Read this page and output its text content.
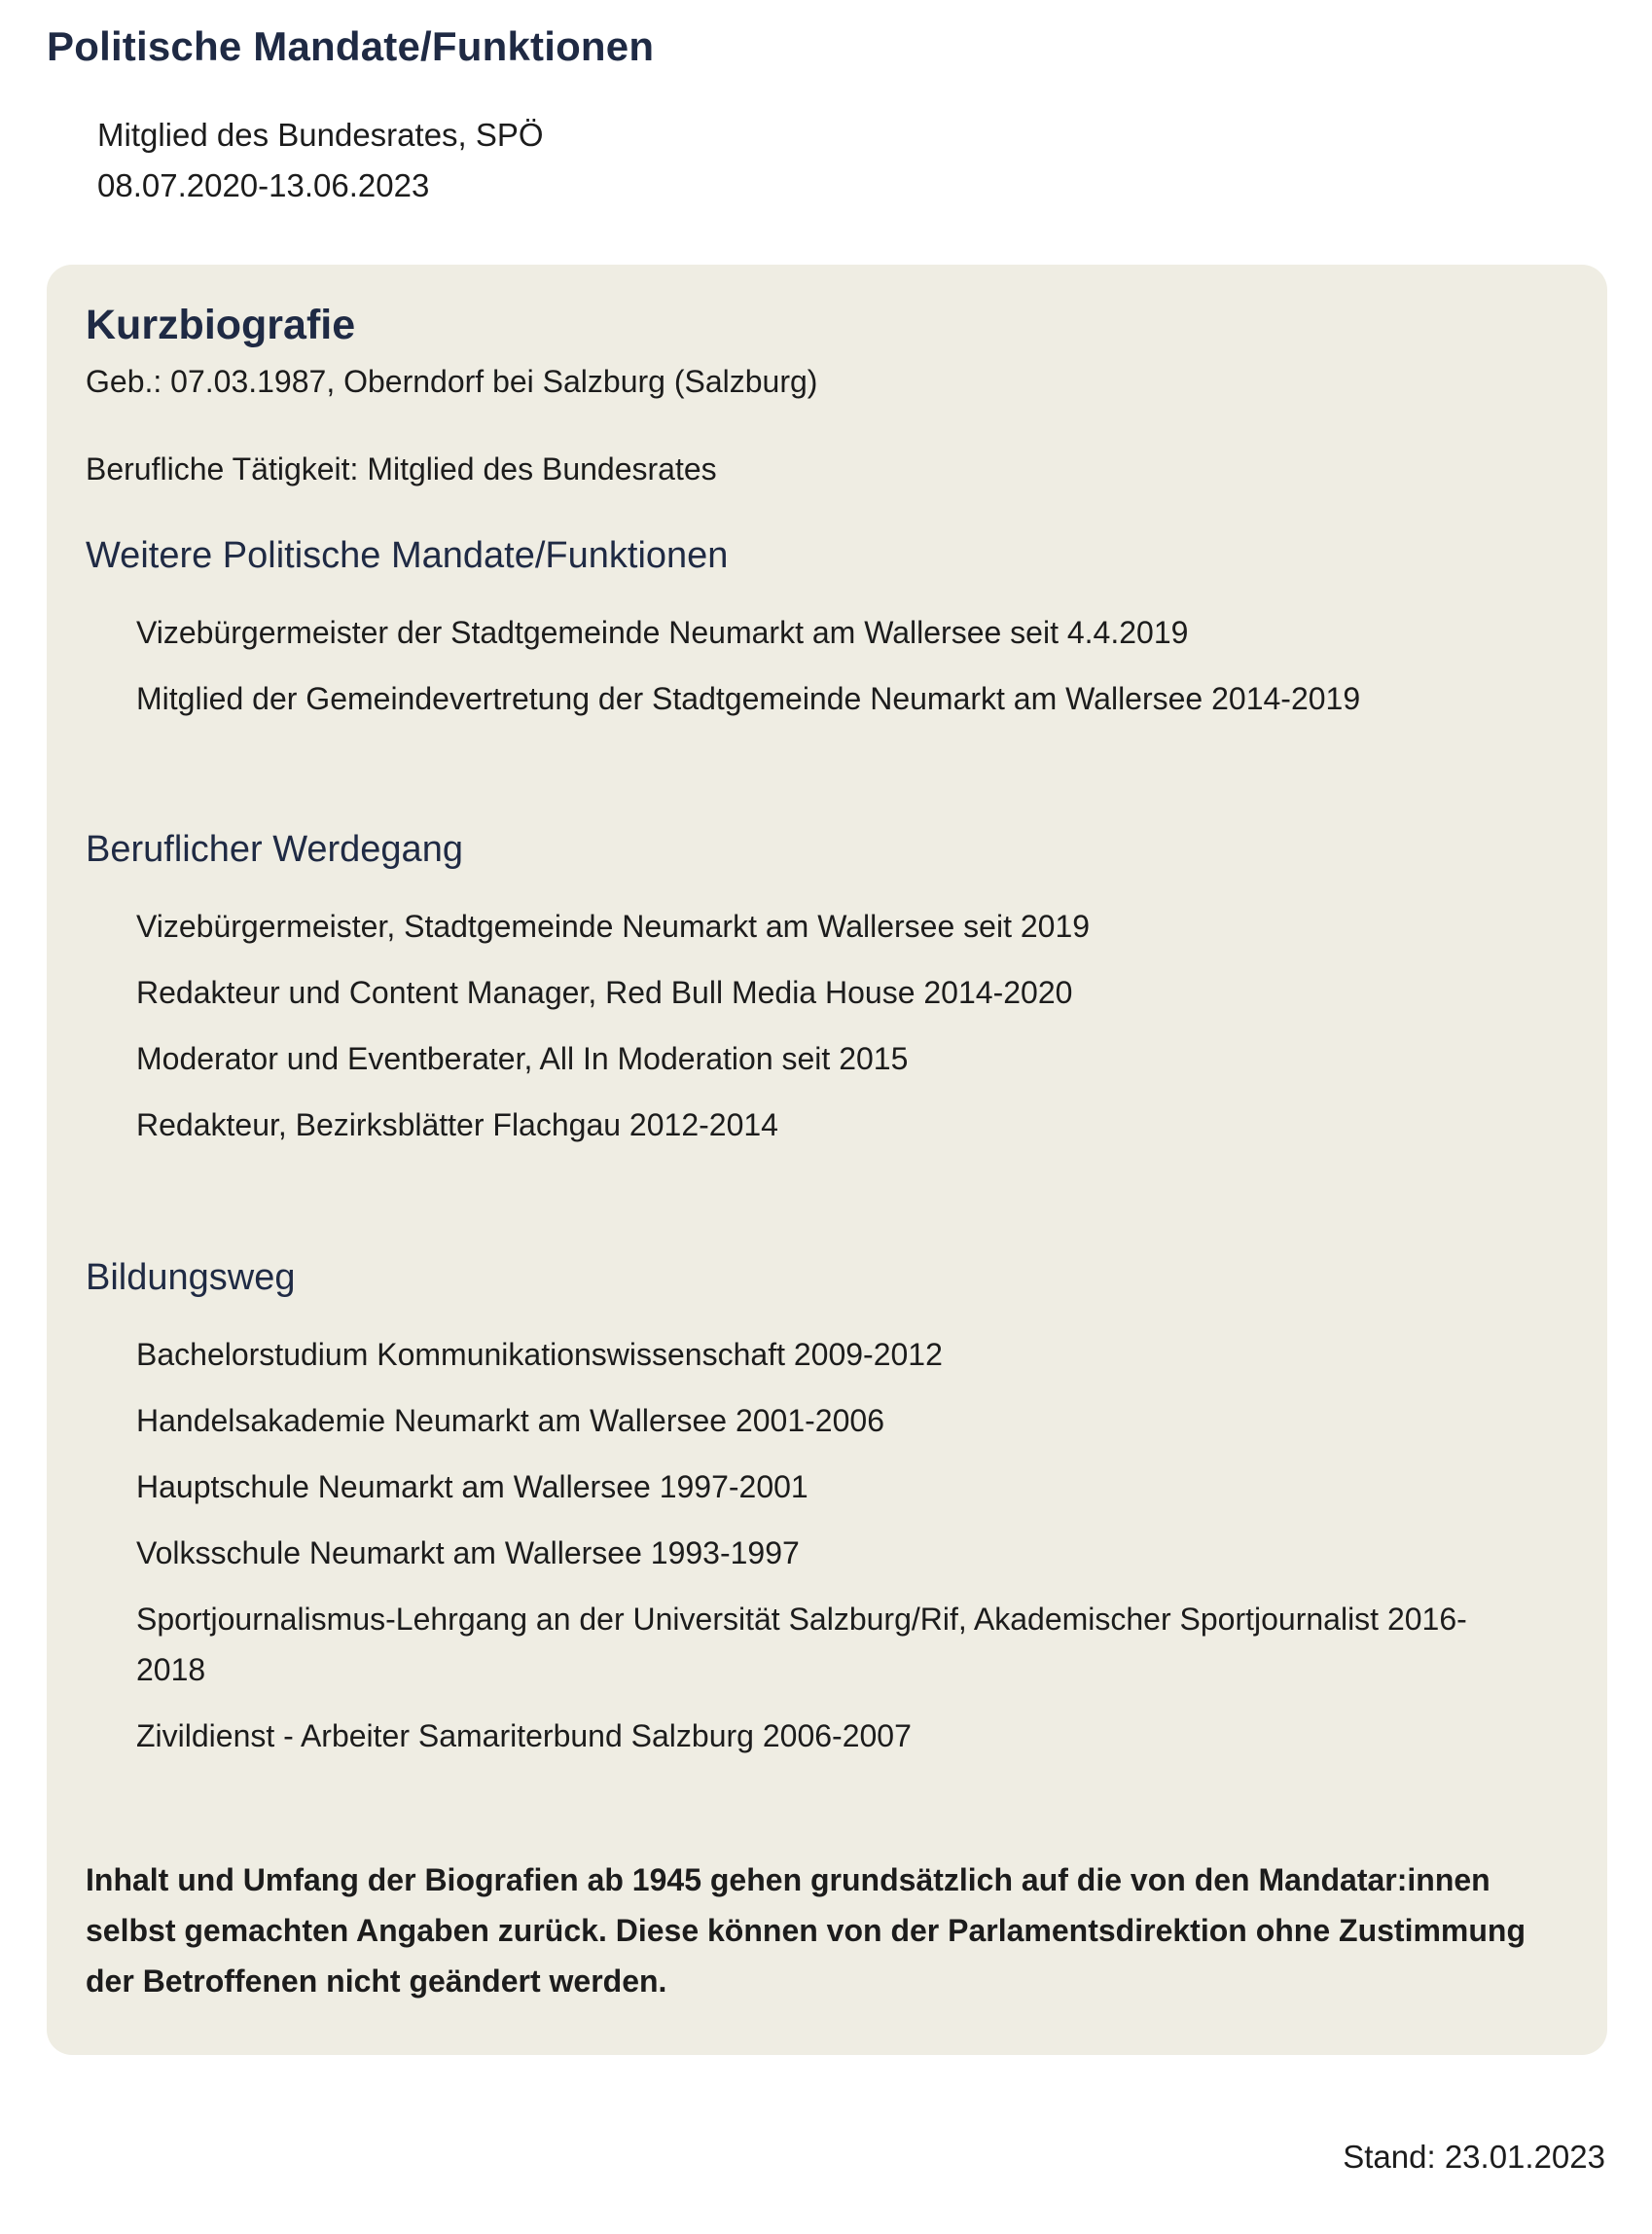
Politische Mandate/Funktionen
Mitglied des Bundesrates, SPÖ
08.07.2020-13.06.2023
Kurzbiografie
Geb.: 07.03.1987, Oberndorf bei Salzburg (Salzburg)
Berufliche Tätigkeit: Mitglied des Bundesrates
Weitere Politische Mandate/Funktionen
Vizebürgermeister der Stadtgemeinde Neumarkt am Wallersee seit 4.4.2019
Mitglied der Gemeindevertretung der Stadtgemeinde Neumarkt am Wallersee 2014-2019
Beruflicher Werdegang
Vizebürgermeister, Stadtgemeinde Neumarkt am Wallersee seit 2019
Redakteur und Content Manager, Red Bull Media House 2014-2020
Moderator und Eventberater, All In Moderation seit 2015
Redakteur, Bezirksblätter Flachgau 2012-2014
Bildungsweg
Bachelorstudium Kommunikationswissenschaft 2009-2012
Handelsakademie Neumarkt am Wallersee 2001-2006
Hauptschule Neumarkt am Wallersee 1997-2001
Volksschule Neumarkt am Wallersee 1993-1997
Sportjournalismus-Lehrgang an der Universität Salzburg/Rif, Akademischer Sportjournalist 2016-2018
Zivildienst - Arbeiter Samariterbund Salzburg 2006-2007
Inhalt und Umfang der Biografien ab 1945 gehen grundsätzlich auf die von den Mandatar:innen selbst gemachten Angaben zurück. Diese können von der Parlamentsdirektion ohne Zustimmung der Betroffenen nicht geändert werden.
Stand: 23.01.2023
